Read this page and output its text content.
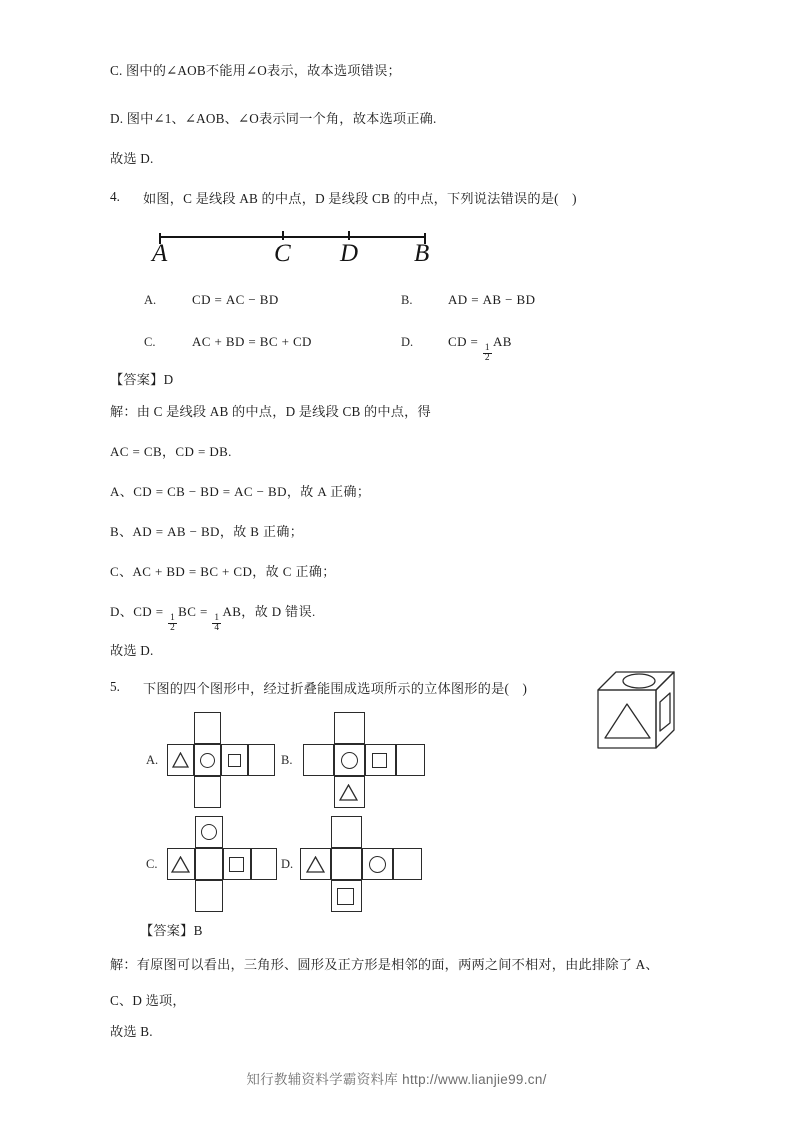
C. 图中的∠AOB不能用∠O表示，故本选项错误；
D. 图中∠1、∠AOB、∠O表示同一个角，故本选项正确.
故选 D.
4. 如图，C 是线段 AB 的中点，D 是线段 CB 的中点，下列说法错误的是(　)
A	C D B
A.	CD = AC − BD	B.	AD = AB − BD
C.	AC + BD = BC + CD	D.	CD =
$\frac{1}{2}$
AB
【答案】D
解：由 C 是线段 AB 的中点，D 是线段 CB 的中点，得
AC = CB，CD = DB.
A、CD = CB − BD = AC − BD，故 A 正确；
B、AD = AB − BD，故 B 正确；
C、AC + BD = BC + CD，故 C 正确；
D、CD =
$\frac{1}{2}$
BC =
$\frac{1}{4}$
AB，故 D 错误.
故选 D.
5. 下图的四个图形中，经过折叠能围成选项所示的立体图形的是(　)
A.	B.
C.	D.
【答案】B
解：有原图可以看出，三角形、圆形及正方形是相邻的面，两两之间不相对，由此排除了 A、
C、D 选项，
故选 B.
知行教辅资料学霸资料库 http://www.lianjie99.cn/
